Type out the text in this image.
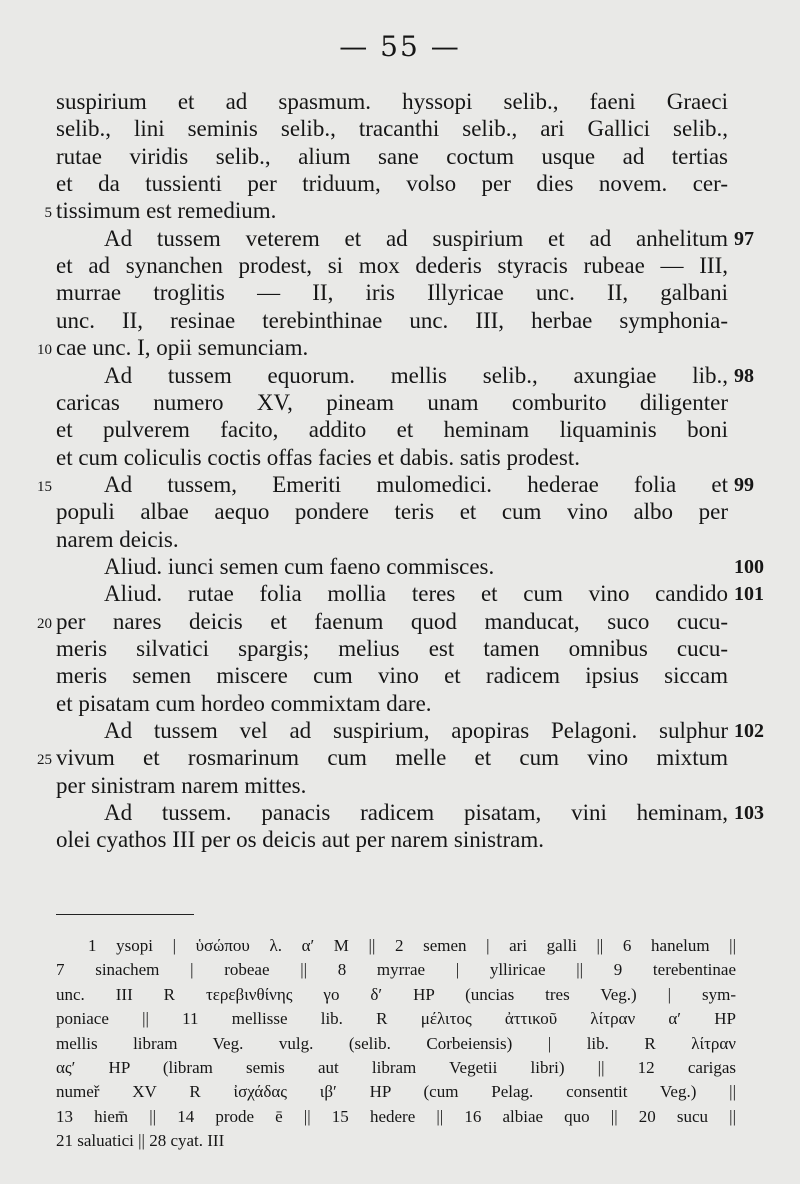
— 55 —
suspirium et ad spasmum. hyssopi selib., faeni Graeci
selib., lini seminis selib., tracanthi selib., ari Gallici selib.,
rutae viridis selib., alium sane coctum usque ad tertias
et da tussienti per triduum, volso per dies novem. cer-
tissimum est remedium.
5
Ad tussem veterem et ad suspirium et ad anhelitum 97
et ad synanchen prodest, si mox dederis styracis rubeae — III,
murrae troglitis — II, iris Illyricae unc. II, galbani
unc. II, resinae terebinthinae unc. III, herbae symphonia-
cae unc. I, opii semunciam.
10
Ad tussem equorum. mellis selib., axungiae lib., 98
caricas numero XV, pineam unam comburito diligenter
et pulverem facito, addito et heminam liquaminis boni
et cum coliculis coctis offas facies et dabis. satis prodest.
Ad tussem, Emeriti mulomedici. hederae folia et
15	99
populi albae aequo pondere teris et cum vino albo per
narem deicis.
Aliud. iunci semen cum faeno commisces.	100
Aliud. rutae folia mollia teres et cum vino candido 101
per nares deicis et faenum quod manducat, suco cucu-
20
meris silvatici spargis; melius est tamen omnibus cucu-
meris semen miscere cum vino et radicem ipsius siccam
et pisatam cum hordeo commixtam dare.
Ad tussem vel ad suspirium, apopiras Pelagoni. sulphur 102
vivum et rosmarinum cum melle et cum vino mixtum
25
per sinistram narem mittes.
Ad tussem. panacis radicem pisatam, vini heminam, 103
olei cyathos III per os deicis aut per narem sinistram.
1 ysopi | ὑσώπου λ. α′ M || 2 semen | ari galli || 6 hanelum ||
7 sinachem | robeae || 8 myrrae | ylliricae || 9 terebentinae
unc. III R τερεβινθίνης γο δ′ HP (uncias tres Veg.) | sym-
poniace || 11 mellisse lib. R μέλιτος ἀττικοῦ λίτραν α′ HP
mellis libram Veg. vulg. (selib. Corbeiensis) | lib. R λίτραν
ας′ HP (libram semis aut libram Vegetii libri) || 12 carigas
numeř XV R ἰσχάδας ιβ′ HP (cum Pelag. consentit Veg.) ||
13 hiem̄ || 14 prode ē || 15 hedere || 16 albiae quo || 20 sucu ||
21 saluatici || 28 cyat. III
